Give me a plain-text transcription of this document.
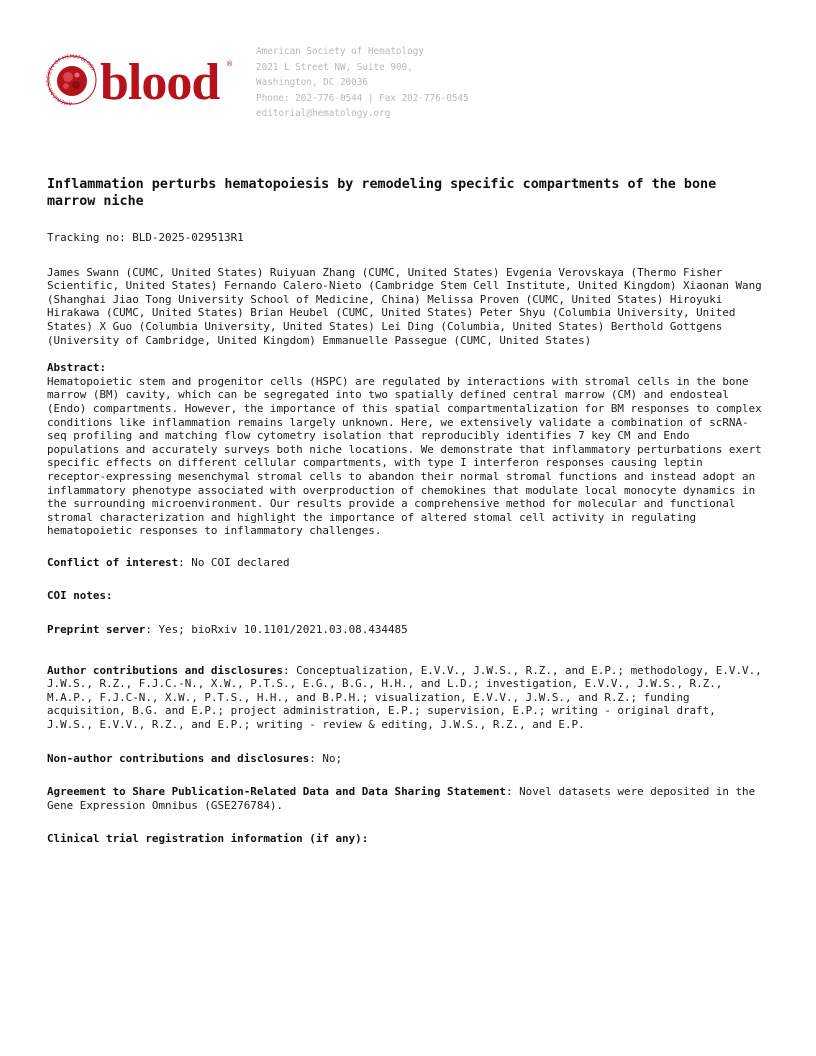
AMERICAN SOCIETY OF HEMATOLOGY blood ®
American Society of Hematology
2021 L Street NW, Suite 900,
Washington, DC 20036
Phone: 202-776-0544 | Fax 202-776-0545
editorial@hematology.org
Inflammation perturbs hematopoiesis by remodeling specific compartments of the bone marrow niche

Tracking no: BLD-2025-029513R1

James Swann (CUMC, United States) Ruiyuan Zhang (CUMC, United States) Evgenia Verovskaya (Thermo Fisher Scientific, United States) Fernando Calero-Nieto (Cambridge Stem Cell Institute, United Kingdom) Xiaonan Wang (Shanghai Jiao Tong University School of Medicine, China) Melissa Proven (CUMC, United States) Hiroyuki Hirakawa (CUMC, United States) Brian Heubel (CUMC, United States) Peter Shyu (Columbia University, United States) X Guo (Columbia University, United States) Lei Ding (Columbia, United States) Berthold Gottgens (University of Cambridge, United Kingdom) Emmanuelle Passegue (CUMC, United States)

Abstract:

Hematopoietic stem and progenitor cells (HSPC) are regulated by interactions with stromal cells in the bone marrow (BM) cavity, which can be segregated into two spatially defined central marrow (CM) and endosteal (Endo) compartments. However, the importance of this spatial compartmentalization for BM responses to complex conditions like inflammation remains largely unknown. Here, we extensively validate a combination of scRNA-seq profiling and matching flow cytometry isolation that reproducibly identifies 7 key CM and Endo populations and accurately surveys both niche locations. We demonstrate that inflammatory perturbations exert specific effects on different cellular compartments, with type I interferon responses causing leptin receptor-expressing mesenchymal stromal cells to abandon their normal stromal functions and instead adopt an inflammatory phenotype associated with overproduction of chemokines that modulate local monocyte dynamics in the surrounding microenvironment. Our results provide a comprehensive method for molecular and functional stromal characterization and highlight the importance of altered stomal cell activity in regulating hematopoietic responses to inflammatory challenges.

Conflict of interest: No COI declared

COI notes:

Preprint server: Yes; bioRxiv 10.1101/2021.03.08.434485

Author contributions and disclosures: Conceptualization, E.V.V., J.W.S., R.Z., and E.P.; methodology, E.V.V., J.W.S., R.Z., F.J.C.-N., X.W., P.T.S., E.G., B.G., H.H., and L.D.; investigation, E.V.V., J.W.S., R.Z., M.A.P., F.J.C-N., X.W., P.T.S., H.H., and B.P.H.; visualization, E.V.V., J.W.S., and R.Z.; funding acquisition, B.G. and E.P.; project administration, E.P.; supervision, E.P.; writing - original draft, J.W.S., E.V.V., R.Z., and E.P.; writing - review & editing, J.W.S., R.Z., and E.P.

Non-author contributions and disclosures: No;

Agreement to Share Publication-Related Data and Data Sharing Statement: Novel datasets were deposited in the Gene Expression Omnibus (GSE276784).

Clinical trial registration information (if any):
